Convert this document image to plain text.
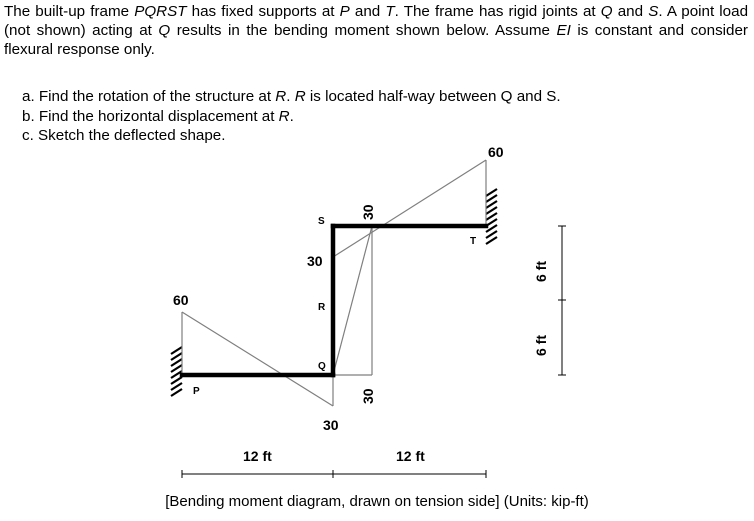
The built-up frame PQRST has fixed supports at P and T. The frame has rigid joints at Q and S. A point load (not shown) acting at Q results in the bending moment shown below. Assume EI is constant and consider flexural response only.

a. Find the rotation of the structure at R. R is located half-way between Q and S.
b. Find the horizontal displacement at R.
c. Sketch the deflected shape.
P
Q
R
S
T
60
30
30
30
30
60
12 ft	12 ft
6 ft
6 ft

[Bending moment diagram, drawn on tension side] (Units: kip-ft)
